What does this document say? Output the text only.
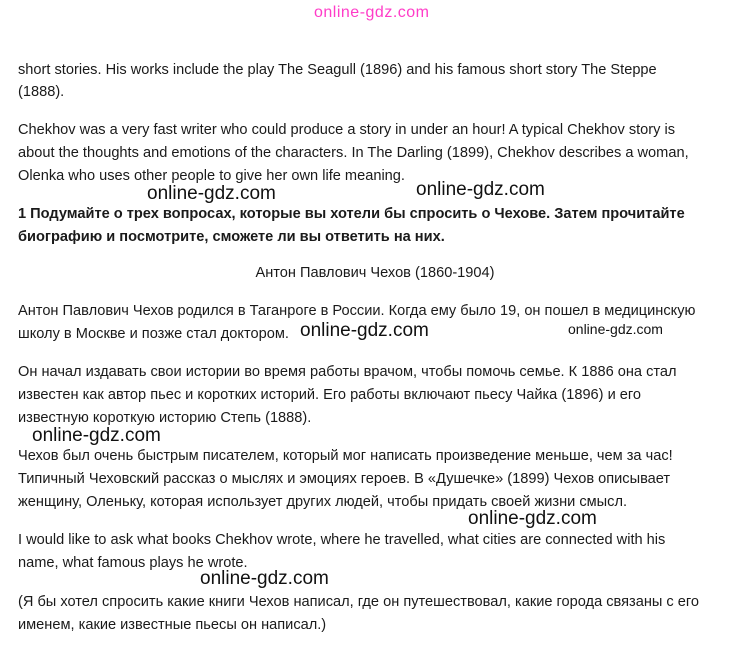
online-gdz.com
short stories. His works include the play The Seagull (1896) and his famous short story The Steppe
(1888).
Chekhov was a very fast writer who could produce a story in under an hour! A typical Chekhov story is
about the thoughts and emotions of the characters. In The Darling (1899), Chekhov describes a woman,
Olenka who uses other people to give her own life meaning.
online-gdz.com	online-gdz.com
1 Подумайте о трех вопросах, которые вы хотели бы спросить о Чехове. Затем прочитайте
биографию и посмотрите, сможете ли вы ответить на них.
Антон Павлович Чехов (1860-1904)
Антон Павлович Чехов родился в Таганроге в России. Когда ему было 19, он пошел в медицинскую
школу в Москве и позже стал доктором. online-gdz.com	online-gdz.com
Он начал издавать свои истории во время работы врачом, чтобы помочь семье. К 1886 она стал
известен как автор пьес и коротких историй. Его работы включают пьесу Чайка (1896) и его
известную короткую историю Степь (1888).
online-gdz.com
Чехов был очень быстрым писателем, который мог написать произведение меньше, чем за час!
Типичный Чеховский рассказ о мыслях и эмоциях героев. В «Душечке» (1899) Чехов описывает
женщину, Оленьку, которая использует других людей, чтобы придать своей жизни смысл.
online-gdz.com
I would like to ask what books Chekhov wrote, where he travelled, what cities are connected with his
name, what famous plays he wrote.
online-gdz.com
(Я бы хотел спросить какие книги Чехов написал, где он путешествовал, какие города связаны с его
именем, какие известные пьесы он написал.)
